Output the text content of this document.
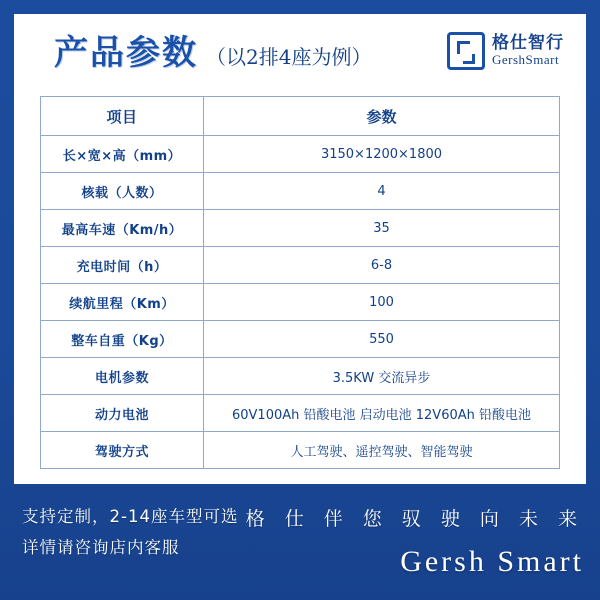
产品参数 （以2排4座为例）
格仕智行
GershSmart
项目	参数
长×宽×高（mm）	3150×1200×1800
核载（人数）	4
最高车速（Km/h）	35
充电时间（h）	6-8
续航里程（Km）	100
整车自重（Kg）	550
电机参数	3.5KW 交流异步
动力电池	60V100Ah 铅酸电池 启动电池 12V60Ah 铅酸电池
驾驶方式	人工驾驶、遥控驾驶、智能驾驶
支持定制，2-14座车型可选
详情请咨询店内客服
格 仕 伴 您 驭 驶 向 未 来
Gersh Smart
